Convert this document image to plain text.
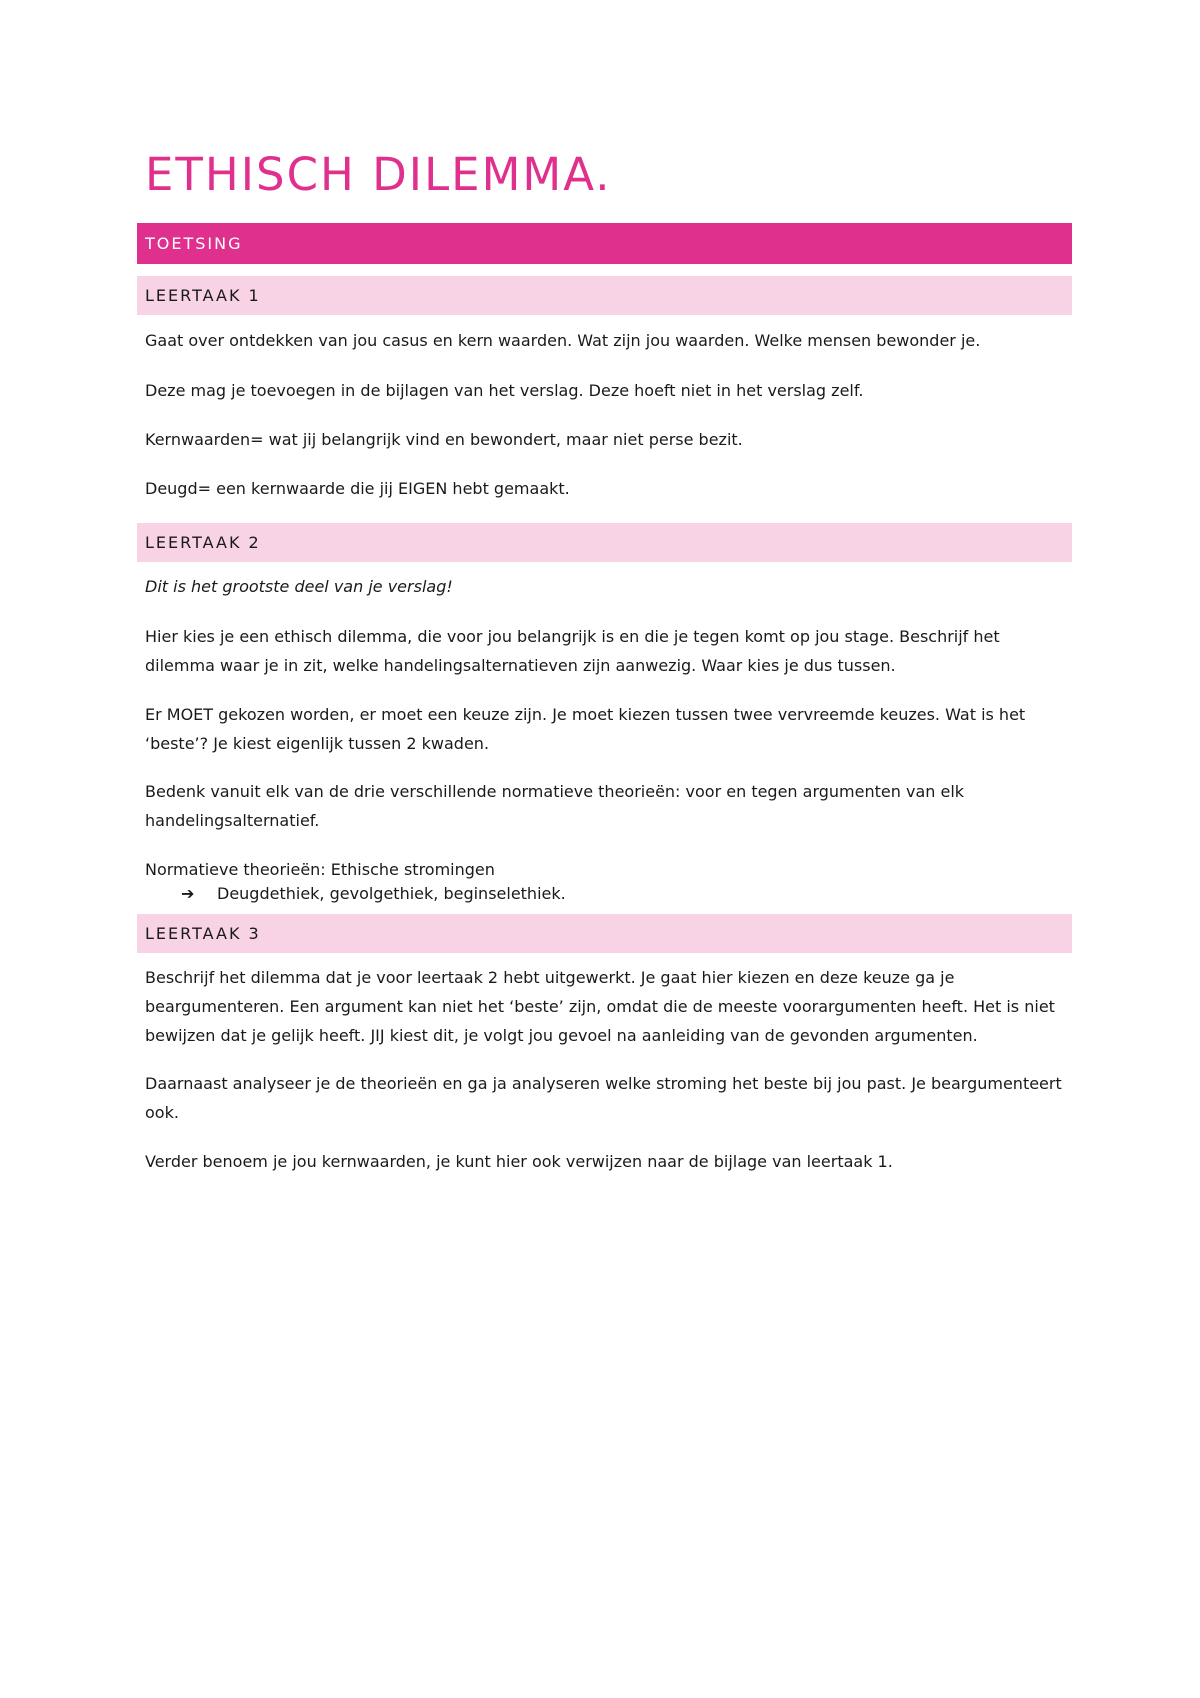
ETHISCH DILEMMA.
TOETSING
LEERTAAK 1

Gaat over ontdekken van jou casus en kern waarden. Wat zijn jou waarden. Welke mensen bewonder je.

Deze mag je toevoegen in de bijlagen van het verslag. Deze hoeft niet in het verslag zelf.

Kernwaarden= wat jij belangrijk vind en bewondert, maar niet perse bezit.

Deugd= een kernwaarde die jij EIGEN hebt gemaakt.

LEERTAAK 2

Dit is het grootste deel van je verslag!

Hier kies je een ethisch dilemma, die voor jou belangrijk is en die je tegen komt op jou stage. Beschrijf het dilemma waar je in zit, welke handelingsalternatieven zijn aanwezig. Waar kies je dus tussen.

Er MOET gekozen worden, er moet een keuze zijn. Je moet kiezen tussen twee vervreemde keuzes. Wat is het ‘beste’? Je kiest eigenlijk tussen 2 kwaden.

Bedenk vanuit elk van de drie verschillende normatieve theorieën: voor en tegen argumenten van elk handelingsalternatief.

Normatieve theorieën: Ethische stromingen

➔ Deugdethiek, gevolgethiek, beginselethiek.
LEERTAAK 3

Beschrijf het dilemma dat je voor leertaak 2 hebt uitgewerkt. Je gaat hier kiezen en deze keuze ga je beargumenteren. Een argument kan niet het ‘beste’ zijn, omdat die de meeste voorargumenten heeft. Het is niet bewijzen dat je gelijk heeft. JIJ kiest dit, je volgt jou gevoel na aanleiding van de gevonden argumenten.

Daarnaast analyseer je de theorieën en ga ja analyseren welke stroming het beste bij jou past. Je beargumenteert ook.

Verder benoem je jou kernwaarden, je kunt hier ook verwijzen naar de bijlage van leertaak 1.
